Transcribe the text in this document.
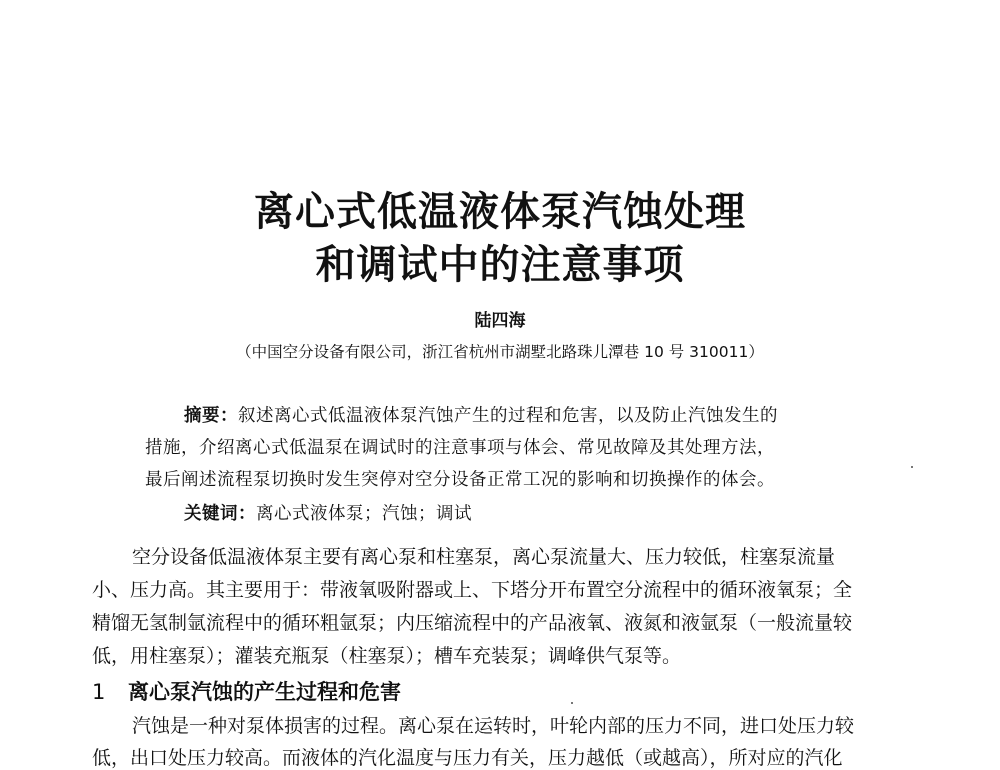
离心式低温液体泵汽蚀处理
和调试中的注意事项
陆四海
（中国空分设备有限公司，浙江省杭州市湖墅北路珠儿潭巷 10 号 310011）
摘要：叙述离心式低温液体泵汽蚀产生的过程和危害，以及防止汽蚀发生的
措施，介绍离心式低温泵在调试时的注意事项与体会、常见故障及其处理方法，
最后阐述流程泵切换时发生突停对空分设备正常工况的影响和切换操作的体会。
关键词：离心式液体泵；汽蚀；调试
空分设备低温液体泵主要有离心泵和柱塞泵，离心泵流量大、压力较低，柱塞泵流量
小、压力高。其主要用于：带液氧吸附器或上、下塔分开布置空分流程中的循环液氧泵；全
精馏无氢制氩流程中的循环粗氩泵；内压缩流程中的产品液氧、液氮和液氩泵（一般流量较
低，用柱塞泵）；灌装充瓶泵（柱塞泵）；槽车充装泵；调峰供气泵等。
1 离心泵汽蚀的产生过程和危害
汽蚀是一种对泵体损害的过程。离心泵在运转时，叶轮内部的压力不同，进口处压力较
低，出口处压力较高。而液体的汽化温度与压力有关，压力越低（或越高），所对应的汽化
